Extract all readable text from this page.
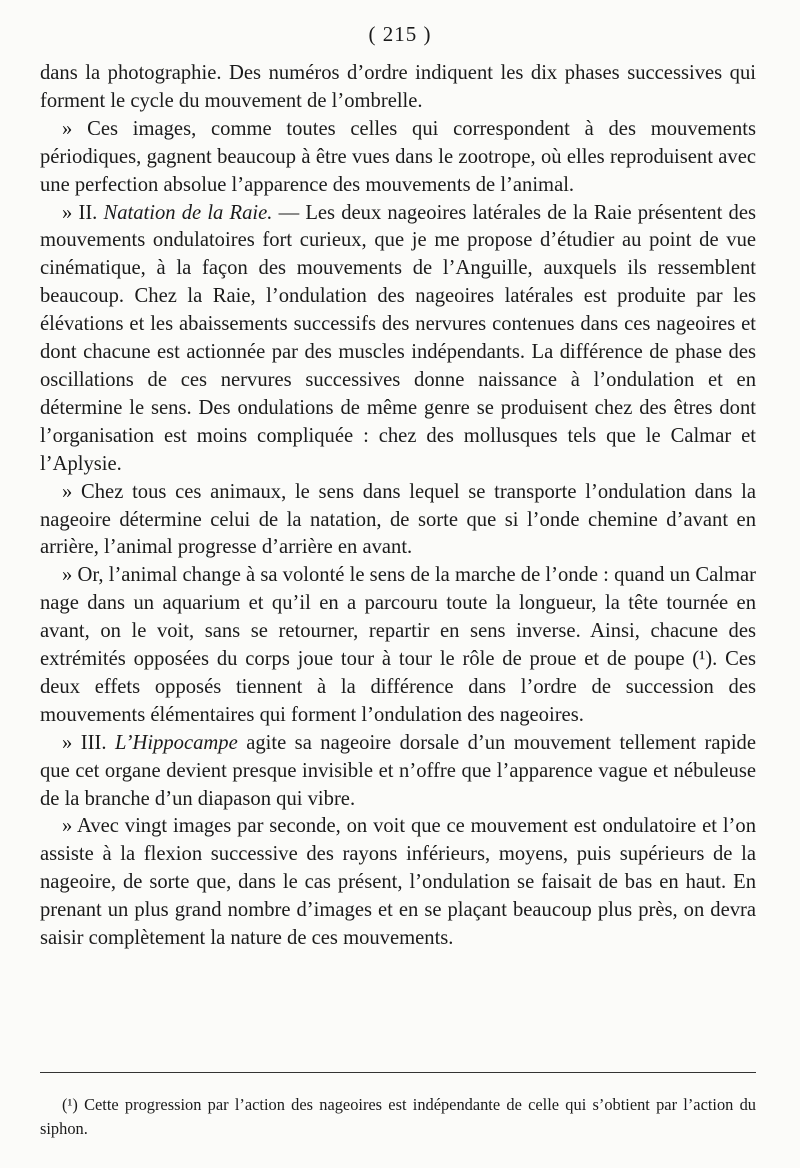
( 215 )

dans la photographie. Des numéros d’ordre indiquent les dix phases successives qui forment le cycle du mouvement de l’ombrelle.

» Ces images, comme toutes celles qui correspondent à des mouvements périodiques, gagnent beaucoup à être vues dans le zootrope, où elles reproduisent avec une perfection absolue l’apparence des mouvements de l’animal.

» II. Natation de la Raie. — Les deux nageoires latérales de la Raie présentent des mouvements ondulatoires fort curieux, que je me propose d’étudier au point de vue cinématique, à la façon des mouvements de l’Anguille, auxquels ils ressemblent beaucoup. Chez la Raie, l’ondulation des nageoires latérales est produite par les élévations et les abaissements successifs des nervures contenues dans ces nageoires et dont chacune est actionnée par des muscles indépendants. La différence de phase des oscillations de ces nervures successives donne naissance à l’ondulation et en détermine le sens. Des ondulations de même genre se produisent chez des êtres dont l’organisation est moins compliquée : chez des mollusques tels que le Calmar et l’Aplysie.

» Chez tous ces animaux, le sens dans lequel se transporte l’ondulation dans la nageoire détermine celui de la natation, de sorte que si l’onde chemine d’avant en arrière, l’animal progresse d’arrière en avant.

» Or, l’animal change à sa volonté le sens de la marche de l’onde : quand un Calmar nage dans un aquarium et qu’il en a parcouru toute la longueur, la tête tournée en avant, on le voit, sans se retourner, repartir en sens inverse. Ainsi, chacune des extrémités opposées du corps joue tour à tour le rôle de proue et de poupe (¹). Ces deux effets opposés tiennent à la différence dans l’ordre de succession des mouvements élémentaires qui forment l’ondulation des nageoires.

» III. L’Hippocampe agite sa nageoire dorsale d’un mouvement tellement rapide que cet organe devient presque invisible et n’offre que l’apparence vague et nébuleuse de la branche d’un diapason qui vibre.

» Avec vingt images par seconde, on voit que ce mouvement est ondulatoire et l’on assiste à la flexion successive des rayons inférieurs, moyens, puis supérieurs de la nageoire, de sorte que, dans le cas présent, l’ondulation se faisait de bas en haut. En prenant un plus grand nombre d’images et en se plaçant beaucoup plus près, on devra saisir complètement la nature de ces mouvements.

(¹) Cette progression par l’action des nageoires est indépendante de celle qui s’obtient par l’action du siphon.
